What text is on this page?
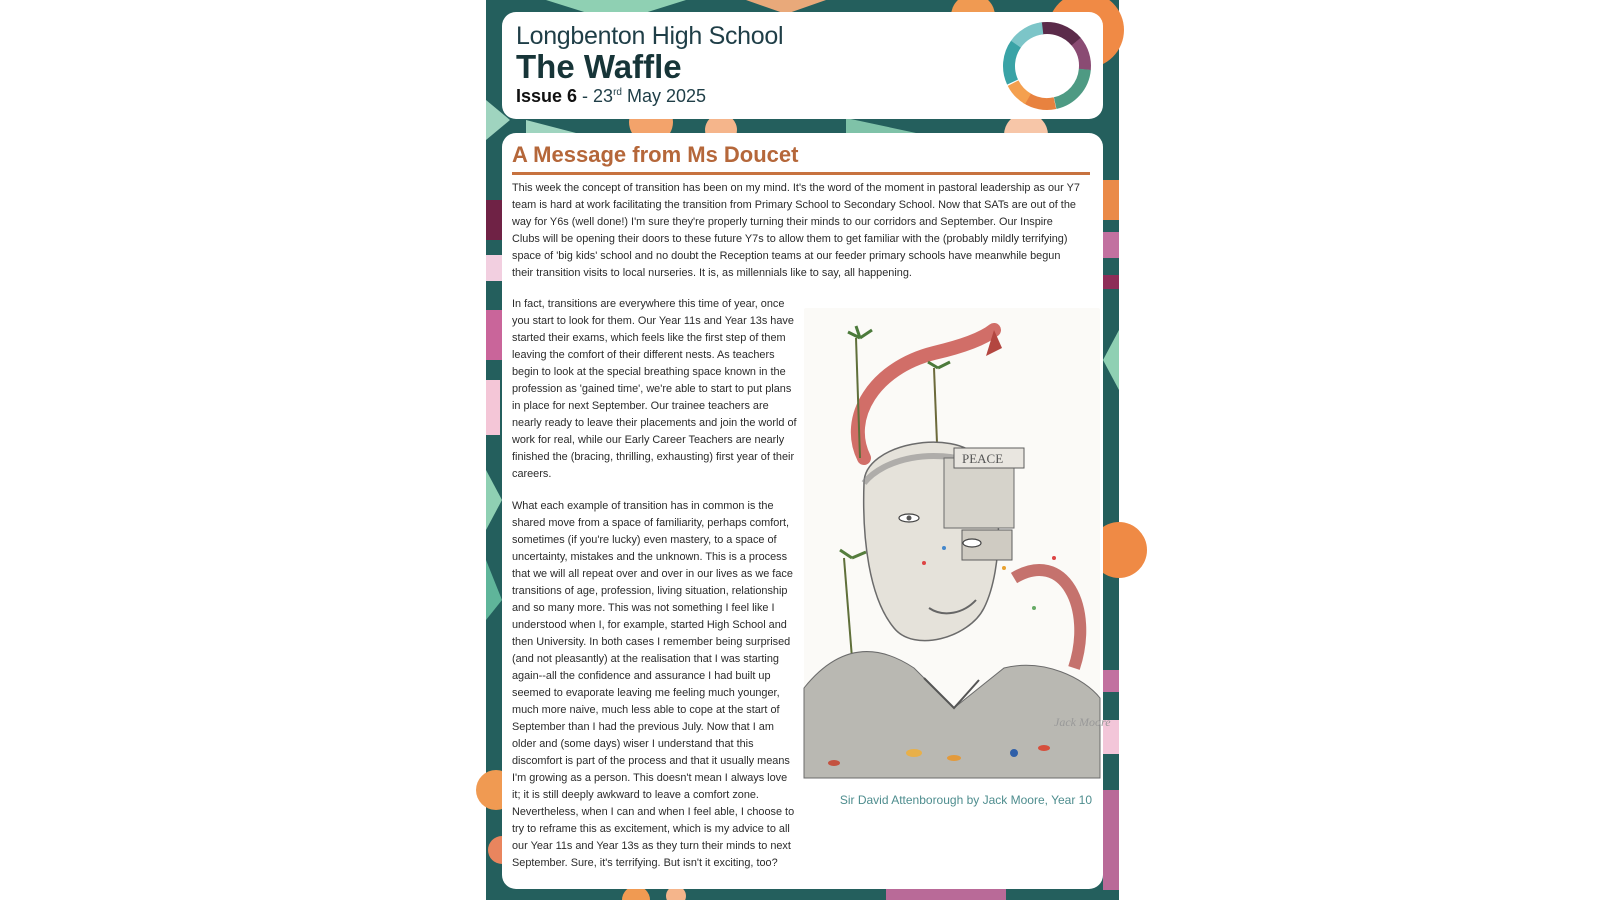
Longbenton High School
The Waffle
Issue 6 - 23rd May 2025
A Message from Ms Doucet

This week the concept of transition has been on my mind. It's the word of the moment in pastoral leadership as our Y7 team is hard at work facilitating the transition from Primary School to Secondary School. Now that SATs are out of the way for Y6s (well done!) I'm sure they're properly turning their minds to our corridors and September. Our Inspire Clubs will be opening their doors to these future Y7s to allow them to get familiar with the (probably mildly terrifying) space of 'big kids' school and no doubt the Reception teams at our feeder primary schools have meanwhile begun their transition visits to local nurseries. It is, as millennials like to say, all happening.

In fact, transitions are everywhere this time of year, once you start to look for them. Our Year 11s and Year 13s have started their exams, which feels like the first step of them leaving the comfort of their different nests. As teachers begin to look at the special breathing space known in the profession as 'gained time', we're able to start to put plans in place for next September. Our trainee teachers are nearly ready to leave their placements and join the world of work for real, while our Early Career Teachers are nearly finished the (bracing, thrilling, exhausting) first year of their careers.

What each example of transition has in common is the shared move from a space of familiarity, perhaps comfort, sometimes (if you're lucky) even mastery, to a space of uncertainty, mistakes and the unknown. This is a process that we will all repeat over and over in our lives as we face transitions of age, profession, living situation, relationship and so many more. This was not something I feel like I understood when I, for example, started High School and then University. In both cases I remember being surprised (and not pleasantly) at the realisation that I was starting again--all the confidence and assurance I had built up seemed to evaporate leaving me feeling much younger, much more naive, much less able to cope at the start of September than I had the previous July. Now that I am older and (some days) wiser I understand that this discomfort is part of the process and that it usually means I'm growing as a person. This doesn't mean I always love it; it is still deeply awkward to leave a comfort zone. Nevertheless, when I can and when I feel able, I choose to try to reframe this as excitement, which is my advice to all our Year 11s and Year 13s as they turn their minds to next September. Sure, it's terrifying. But isn't it exciting, too?

PEACE
Jack Moore
Sir David Attenborough by Jack Moore, Year 10
